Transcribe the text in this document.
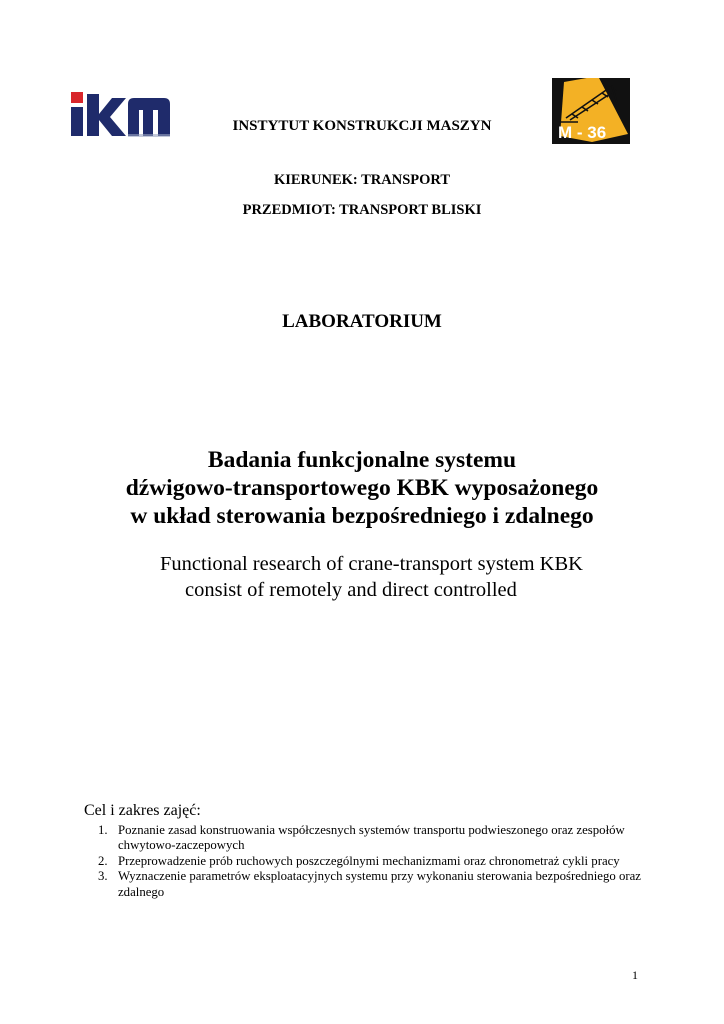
INSTYTUT KONSTRUKCJI MASZYN	M - 36
KIERUNEK: TRANSPORT
PRZEDMIOT: TRANSPORT BLISKI
LABORATORIUM
Badania funkcjonalne systemu
dźwigowo-transportowego KBK wyposażonego
w układ sterowania bezpośredniego i zdalnego
Functional research of crane-transport system KBK
consist of remotely and direct controlled
Cel i zakres zajęć:
1. Poznanie zasad konstruowania współczesnych systemów transportu podwieszonego oraz zespołów chwytowo-zaczepowych
2. Przeprowadzenie prób ruchowych poszczególnymi mechanizmami oraz chronometraż cykli pracy
3. Wyznaczenie parametrów eksploatacyjnych systemu przy wykonaniu sterowania bezpośredniego oraz zdalnego
1
